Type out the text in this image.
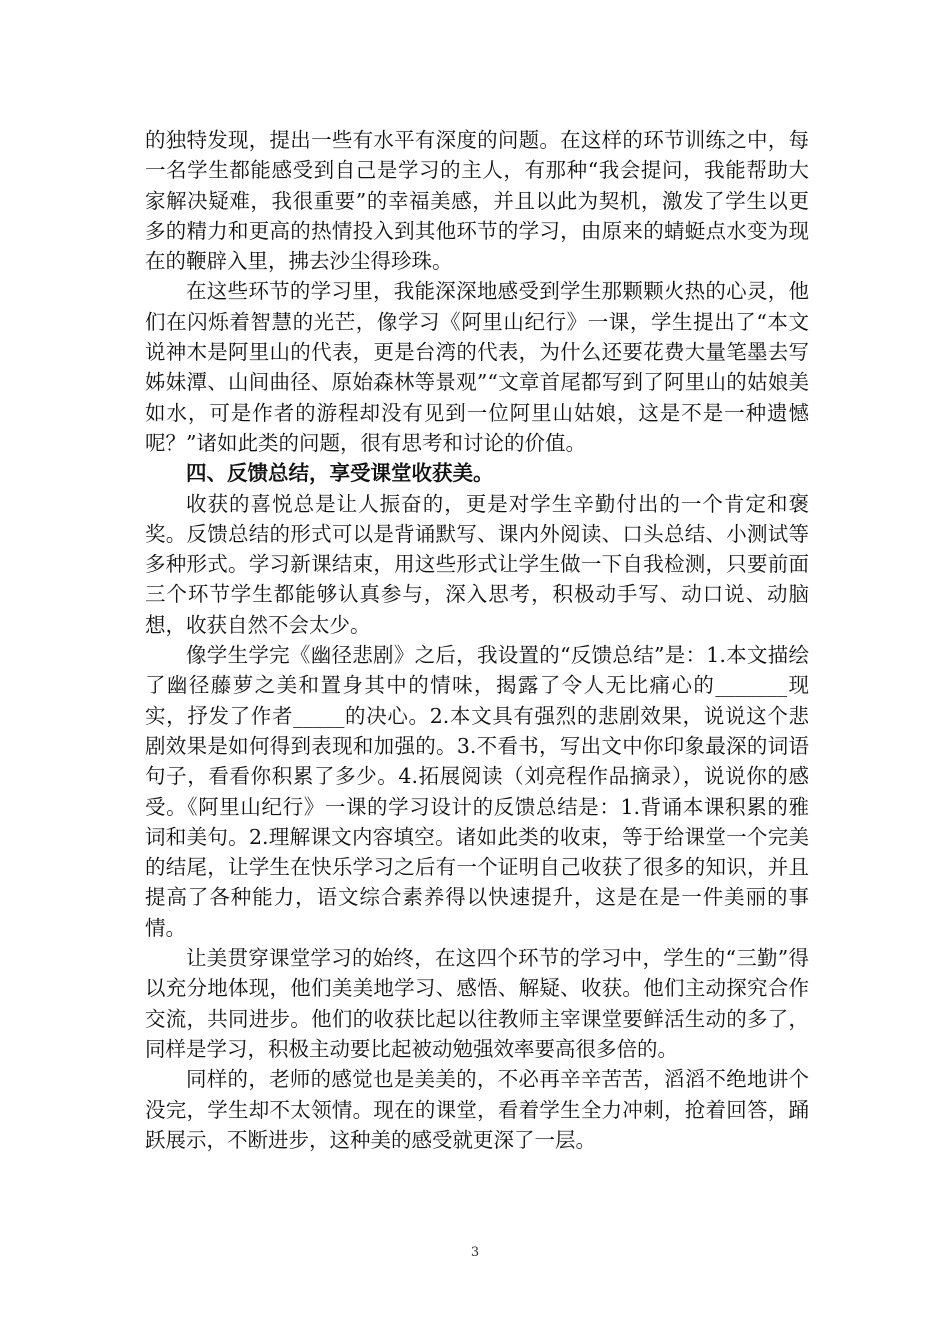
的独特发现，提出一些有水平有深度的问题。在这样的环节训练之中，每一名学生都能感受到自己是学习的主人，有那种“我会提问，我能帮助大家解决疑难，我很重要”的幸福美感，并且以此为契机，激发了学生以更多的精力和更高的热情投入到其他环节的学习，由原来的蜻蜓点水变为现在的鞭辟入里，拂去沙尘得珍珠。

在这些环节的学习里，我能深深地感受到学生那颗颗火热的心灵，他们在闪烁着智慧的光芒，像学习《阿里山纪行》一课，学生提出了“本文说神木是阿里山的代表，更是台湾的代表，为什么还要花费大量笔墨去写姊妹潭、山间曲径、原始森林等景观”“文章首尾都写到了阿里山的姑娘美如水，可是作者的游程却没有见到一位阿里山姑娘，这是不是一种遗憾呢？”诸如此类的问题，很有思考和讨论的价值。

四、反馈总结，享受课堂收获美。

收获的喜悦总是让人振奋的，更是对学生辛勤付出的一个肯定和褒奖。反馈总结的形式可以是背诵默写、课内外阅读、口头总结、小测试等多种形式。学习新课结束，用这些形式让学生做一下自我检测，只要前面三个环节学生都能够认真参与，深入思考，积极动手写、动口说、动脑想，收获自然不会太少。

像学生学完《幽径悲剧》之后，我设置的“反馈总结”是：1.本文描绘了幽径藤萝之美和置身其中的情味，揭露了令人无比痛心的_______现实，抒发了作者_____的决心。2.本文具有强烈的悲剧效果，说说这个悲剧效果是如何得到表现和加强的。3.不看书，写出文中你印象最深的词语句子，看看你积累了多少。4.拓展阅读（刘亮程作品摘录），说说你的感受。《阿里山纪行》一课的学习设计的反馈总结是：1.背诵本课积累的雅词和美句。2.理解课文内容填空。诸如此类的收束，等于给课堂一个完美的结尾，让学生在快乐学习之后有一个证明自己收获了很多的知识，并且提高了各种能力，语文综合素养得以快速提升，这是在是一件美丽的事情。

让美贯穿课堂学习的始终，在这四个环节的学习中，学生的“三勤”得以充分地体现，他们美美地学习、感悟、解疑、收获。他们主动探究合作交流，共同进步。他们的收获比起以往教师主宰课堂要鲜活生动的多了，同样是学习，积极主动要比起被动勉强效率要高很多倍的。

同样的，老师的感觉也是美美的，不必再辛辛苦苦，滔滔不绝地讲个没完，学生却不太领情。现在的课堂，看着学生全力冲刺，抢着回答，踊跃展示，不断进步，这种美的感受就更深了一层。

3
